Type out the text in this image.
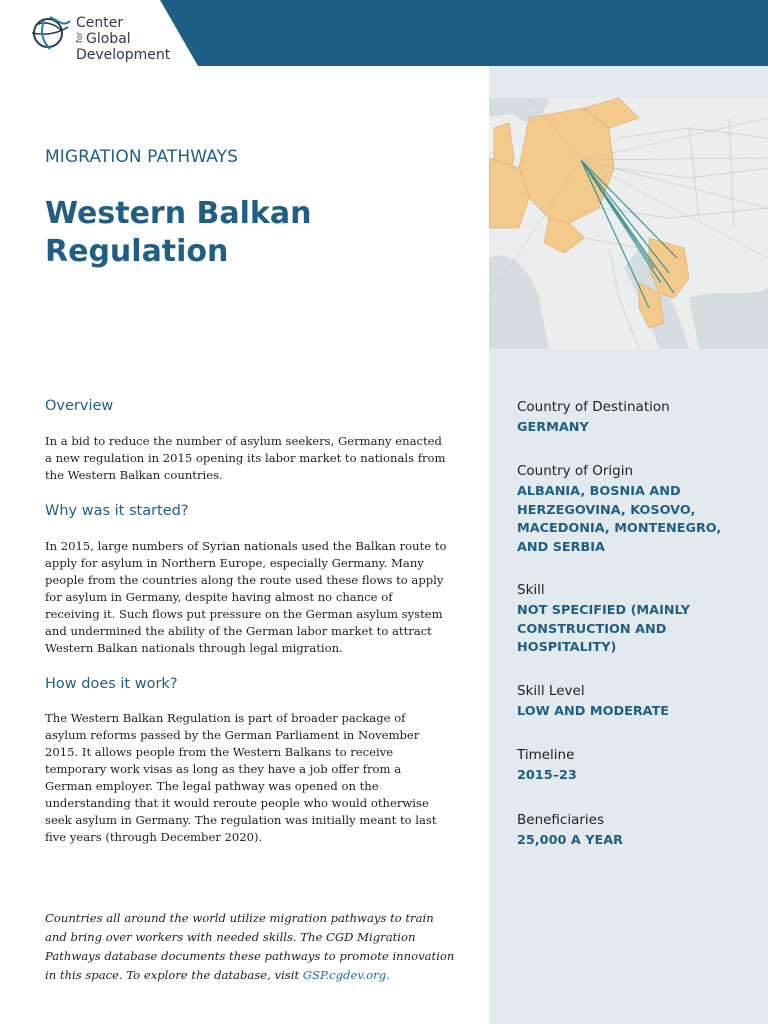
Center
for Global
Development
MIGRATION PATHWAYS
Western Balkan Regulation
Overview
In a bid to reduce the number of asylum seekers, Germany enacted a new regulation in 2015 opening its labor market to nationals from the Western Balkan countries.
Why was it started?
In 2015, large numbers of Syrian nationals used the Balkan route to apply for asylum in Northern Europe, especially Germany. Many people from the countries along the route used these flows to apply for asylum in Germany, despite having almost no chance of receiving it. Such flows put pressure on the German asylum system and undermined the ability of the German labor market to attract Western Balkan nationals through legal migration.
How does it work?
The Western Balkan Regulation is part of broader package of asylum reforms passed by the German Parliament in November 2015. It allows people from the Western Balkans to receive temporary work visas as long as they have a job offer from a German employer. The legal pathway was opened on the understanding that it would reroute people who would otherwise seek asylum in Germany. The regulation was initially meant to last five years (through December 2020).
Countries all around the world utilize migration pathways to train and bring over workers with needed skills. The CGD Migration Pathways database documents these pathways to promote innovation in this space. To explore the database, visit GSP.cgdev.org.
Country of Destination
GERMANY
Country of Origin
ALBANIA, BOSNIA AND HERZEGOVINA, KOSOVO, MACEDONIA, MONTENEGRO, AND SERBIA
Skill
NOT SPECIFIED (MAINLY CONSTRUCTION AND HOSPITALITY)
Skill Level
LOW AND MODERATE
Timeline
2015–23
Beneficiaries
25,000 A YEAR
